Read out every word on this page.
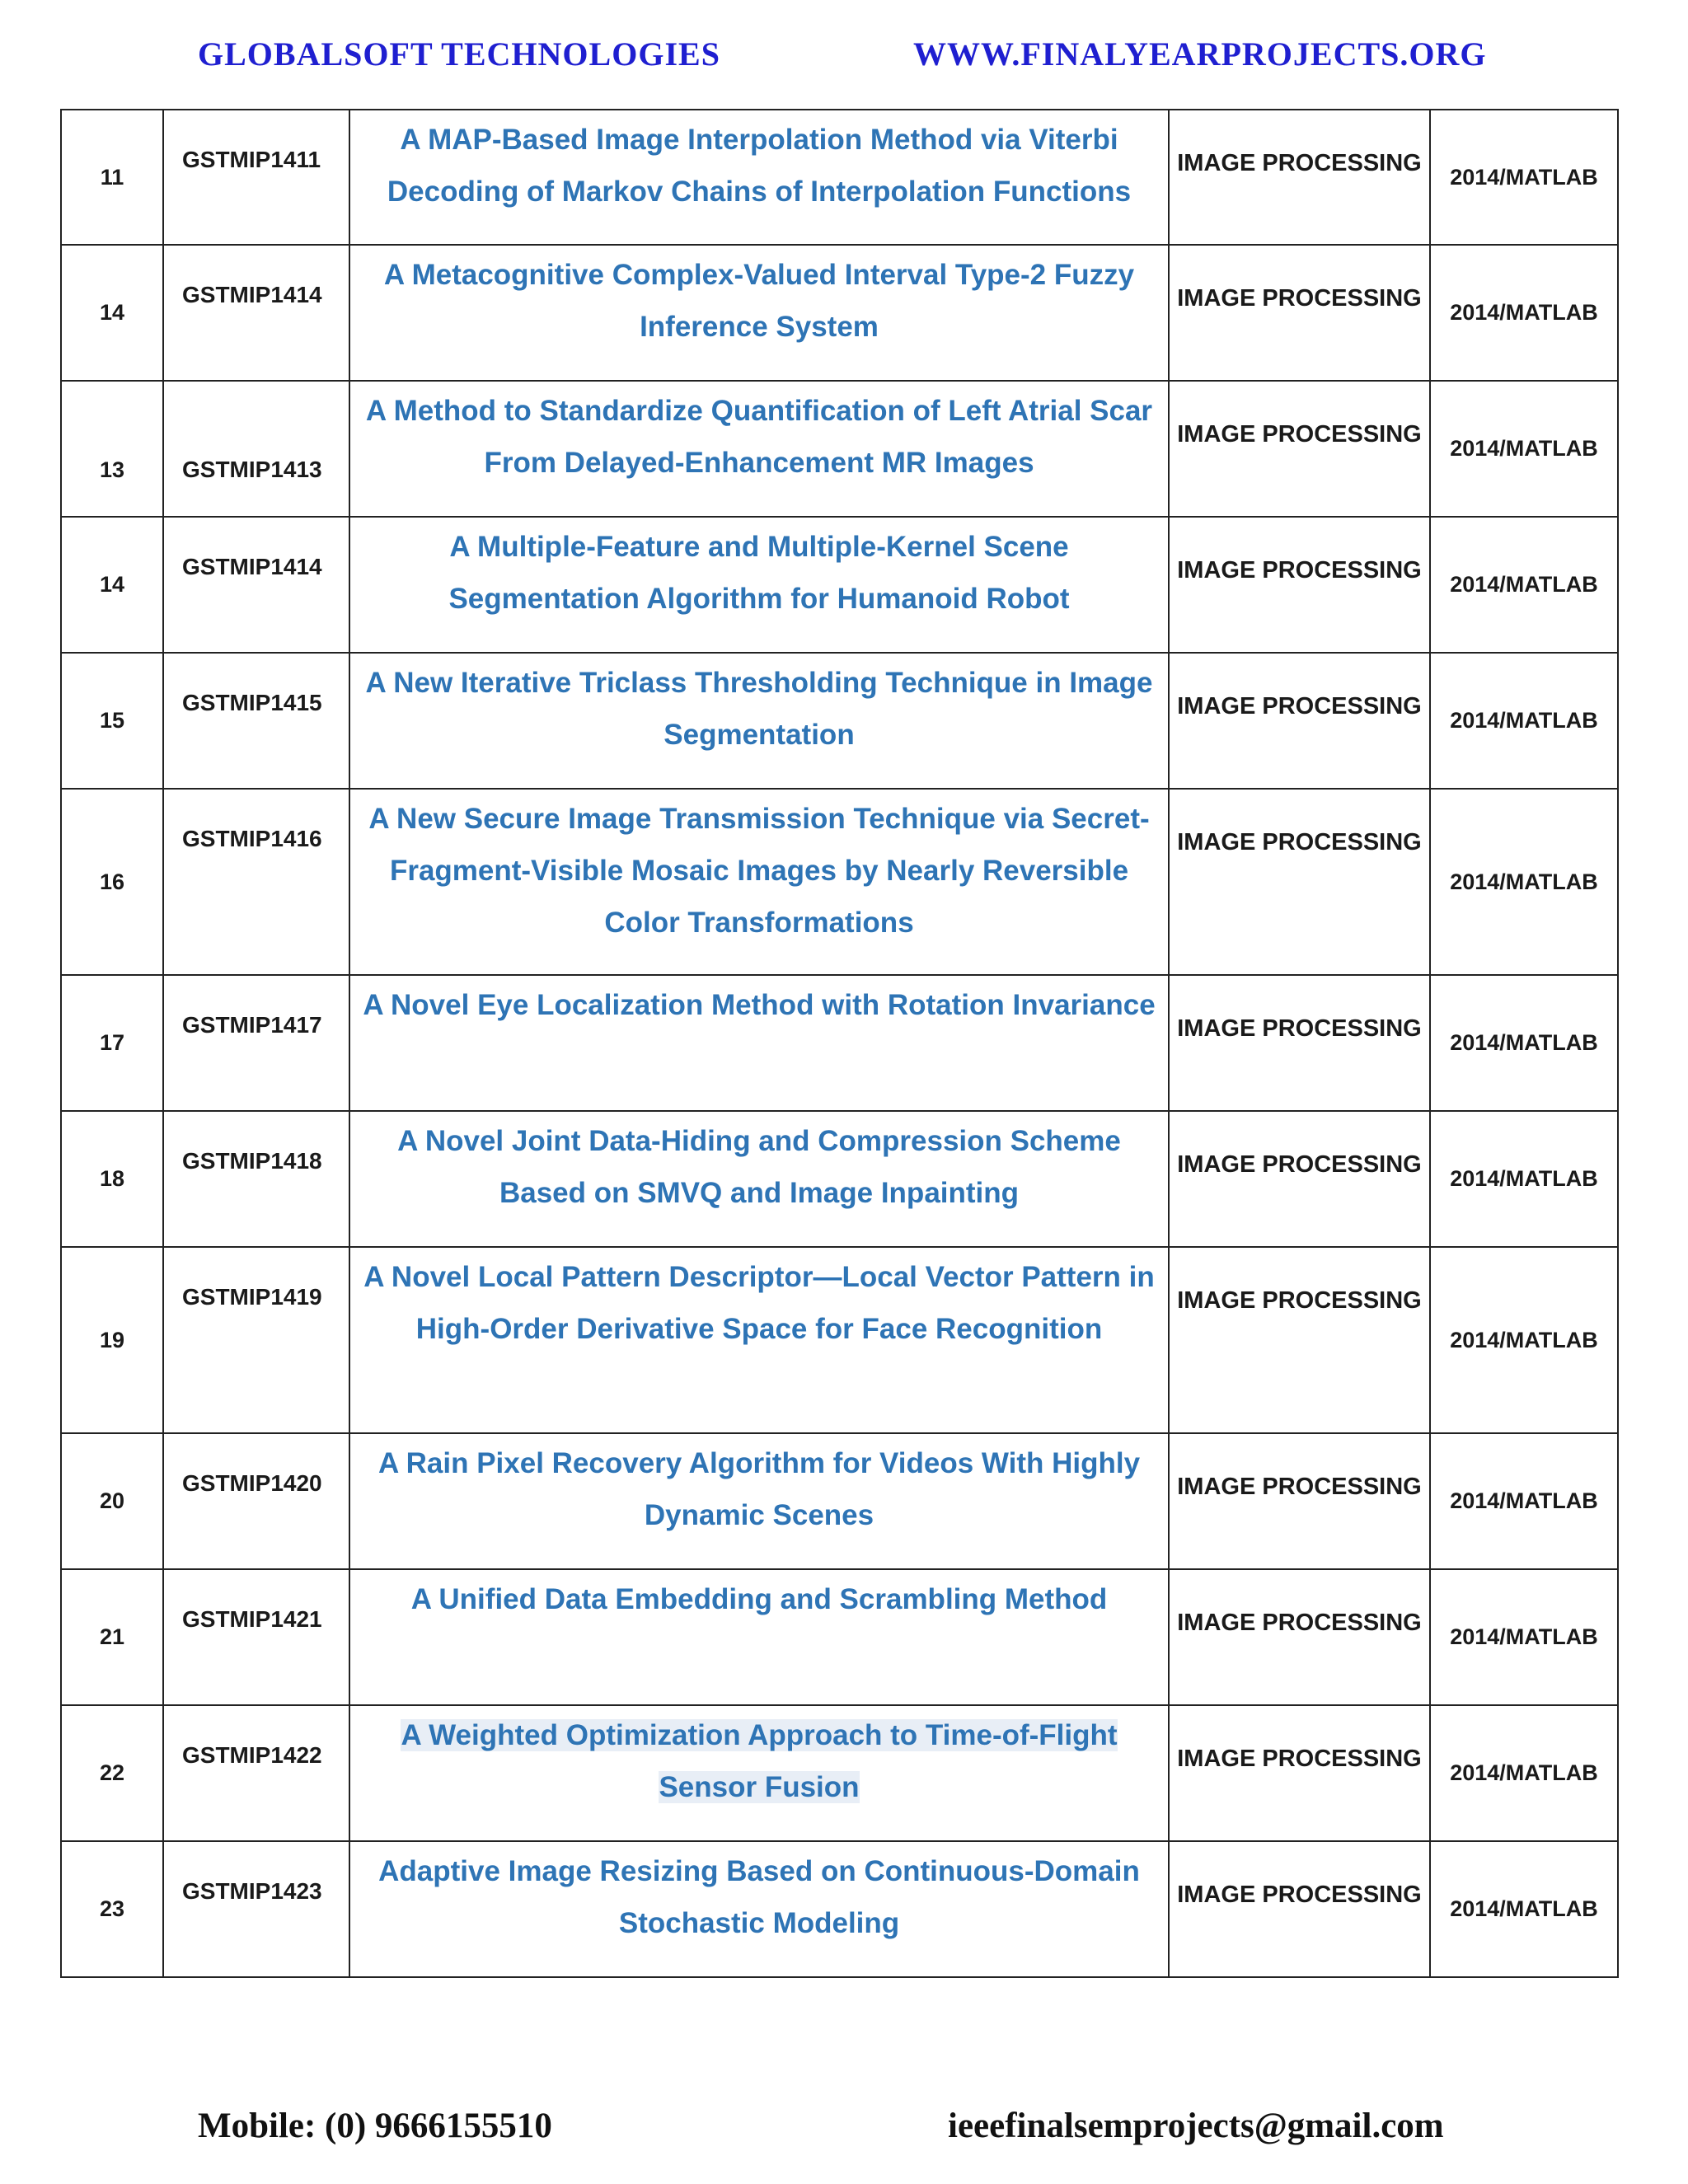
GLOBALSOFT TECHNOLOGIES	WWW.FINALYEARPROJECTS.ORG
11	GSTMIP1411	A MAP-Based Image Interpolation Method via Viterbi Decoding of Markov Chains of Interpolation Functions	IMAGE PROCESSING	2014/MATLAB
14	GSTMIP1414	A Metacognitive Complex-Valued Interval Type-2 Fuzzy Inference System	IMAGE PROCESSING	2014/MATLAB
13	GSTMIP1413	A Method to Standardize Quantification of Left Atrial Scar From Delayed-Enhancement MR Images	IMAGE PROCESSING	2014/MATLAB
14	GSTMIP1414	A Multiple-Feature and Multiple-Kernel Scene Segmentation Algorithm for Humanoid Robot	IMAGE PROCESSING	2014/MATLAB
15	GSTMIP1415	A New Iterative Triclass Thresholding Technique in Image Segmentation	IMAGE PROCESSING	2014/MATLAB
16	GSTMIP1416	A New Secure Image Transmission Technique via Secret-Fragment-Visible Mosaic Images by Nearly Reversible Color Transformations	IMAGE PROCESSING	2014/MATLAB
17	GSTMIP1417	A Novel Eye Localization Method with Rotation Invariance	IMAGE PROCESSING	2014/MATLAB
18	GSTMIP1418	A Novel Joint Data-Hiding and Compression Scheme Based on SMVQ and Image Inpainting	IMAGE PROCESSING	2014/MATLAB
19	GSTMIP1419	A Novel Local Pattern Descriptor—Local Vector Pattern in High-Order Derivative Space for Face Recognition	IMAGE PROCESSING	2014/MATLAB
20	GSTMIP1420	A Rain Pixel Recovery Algorithm for Videos With Highly Dynamic Scenes	IMAGE PROCESSING	2014/MATLAB
21	GSTMIP1421	A Unified Data Embedding and Scrambling Method	IMAGE PROCESSING	2014/MATLAB
22	GSTMIP1422	A Weighted Optimization Approach to Time-of-Flight Sensor Fusion	IMAGE PROCESSING	2014/MATLAB
23	GSTMIP1423	Adaptive Image Resizing Based on Continuous-Domain Stochastic Modeling	IMAGE PROCESSING	2014/MATLAB
Mobile: (0) 9666155510	ieeefinalsemprojects@gmail.com
